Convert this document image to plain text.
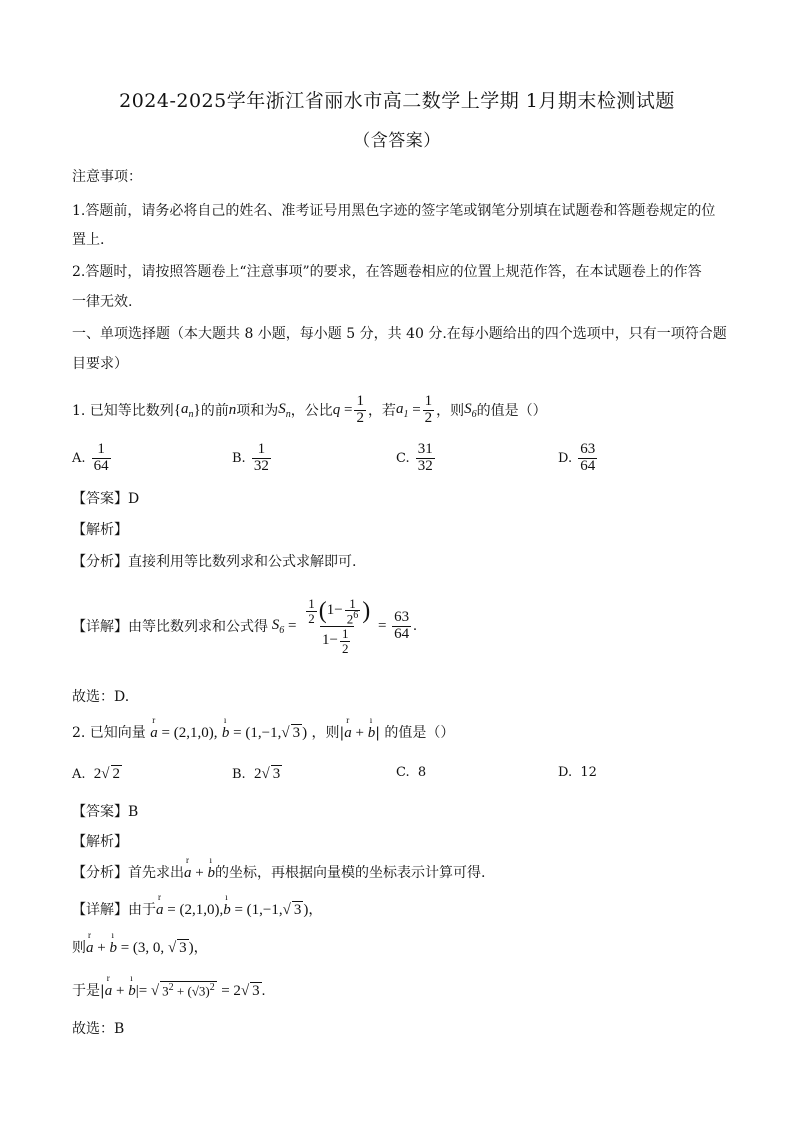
2024-2025学年浙江省丽水市高二数学上学期 1月期末检测试题
（含答案）
注意事项：
1.答题前，请务必将自己的姓名、准考证号用黑色字迹的签字笔或钢笔分别填在试题卷和答题卷规定的位
置上.
2.答题时，请按照答题卷上“注意事项”的要求，在答题卷相应的位置上规范作答，在本试题卷上的作答
一律无效.
一、单项选择题（本大题共 8 小题，每小题 5 分，共 40 分.在每小题给出的四个选项中，只有一项符合题
目要求）
1. 已知等比数列 { $a_n$ } 的前 n 项和为 $S_n$ ，公比 $q = \frac{1}{2}$ ，若 $a_1 = \frac{1}{2}$ ，则 $S_6$ 的值是（）
A. $\frac{1}{64}$	B. $\frac{1}{32}$	C. $\frac{31}{32}$	D. $\frac{63}{64}$
【答案】D
【解析】
【分析】直接利用等比数列求和公式求解即可.
【详解】由等比数列求和公式得 $S_6 = \frac{\frac{1}{2} ( 1- \frac{1}{2^6} )}{1- \frac{1}{2}} = \frac{63}{64}$ .
故选：D.
2. 已知向量 r a = (2,1,0), ı b = (1,−1,√ 3 ) ，则|r a + ı b| 的值是（）
A. 2√ 2	B. 2√ 3	C. 8	D. 12
【答案】B
【解析】
【分析】首先求出r a + ı b的坐标，再根据向量模的坐标表示计算可得.
【详解】由于r a = (2,1,0),ı b = (1,−1,√ 3 )，
则r a + ı b = (3, 0, √ 3 )，
于是|r a + ı b|= √ $3^2 + (√3)^2 = 2√$ 3 .
故选：B
